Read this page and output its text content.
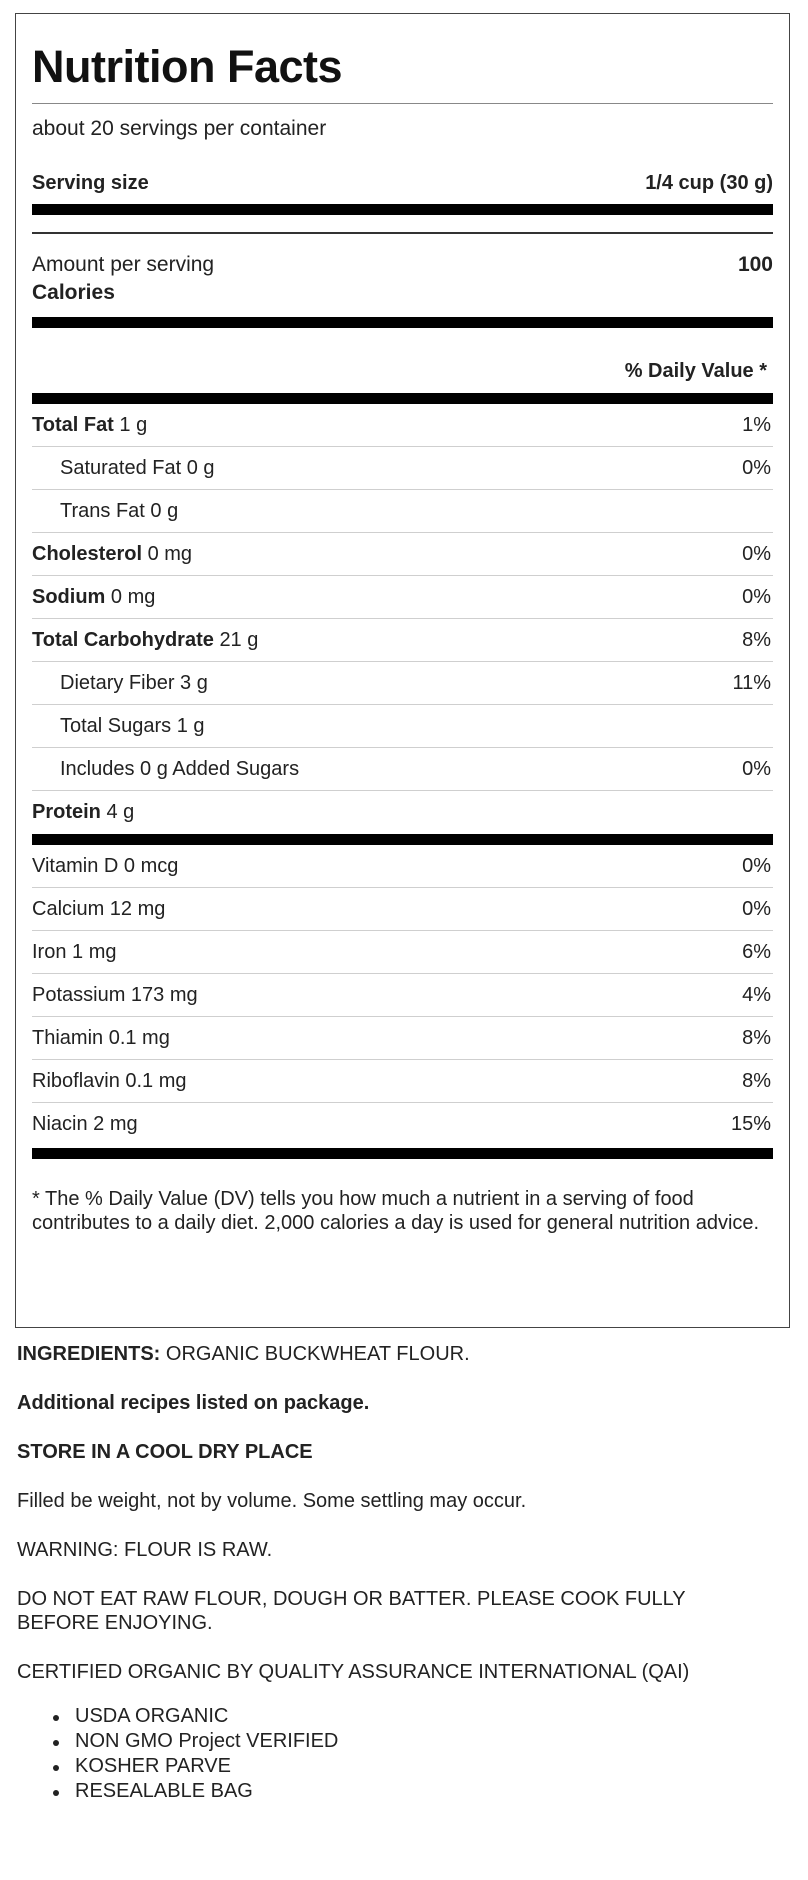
Nutrition Facts
about 20 servings per container
Serving size	1/4 cup (30 g)
Amount per serving	100
Calories
% Daily Value *
Total Fat 1 g	1%
Saturated Fat 0 g	0%
Trans Fat 0 g
Cholesterol 0 mg	0%
Sodium 0 mg	0%
Total Carbohydrate 21 g	8%
Dietary Fiber 3 g	11%
Total Sugars 1 g
Includes 0 g Added Sugars	0%
Protein 4 g
Vitamin D 0 mcg	0%
Calcium 12 mg	0%
Iron 1 mg	6%
Potassium 173 mg	4%
Thiamin 0.1 mg	8%
Riboflavin 0.1 mg	8%
Niacin 2 mg	15%
* The % Daily Value (DV) tells you how much a nutrient in a serving of food contributes to a daily diet. 2,000 calories a day is used for general nutrition advice.

INGREDIENTS: ORGANIC BUCKWHEAT FLOUR.

Additional recipes listed on package.

STORE IN A COOL DRY PLACE

Filled be weight, not by volume. Some settling may occur.

WARNING: FLOUR IS RAW.

DO NOT EAT RAW FLOUR, DOUGH OR BATTER. PLEASE COOK FULLY BEFORE ENJOYING.

CERTIFIED ORGANIC BY QUALITY ASSURANCE INTERNATIONAL (QAI)

USDA ORGANIC
NON GMO Project VERIFIED
KOSHER PARVE
RESEALABLE BAG
